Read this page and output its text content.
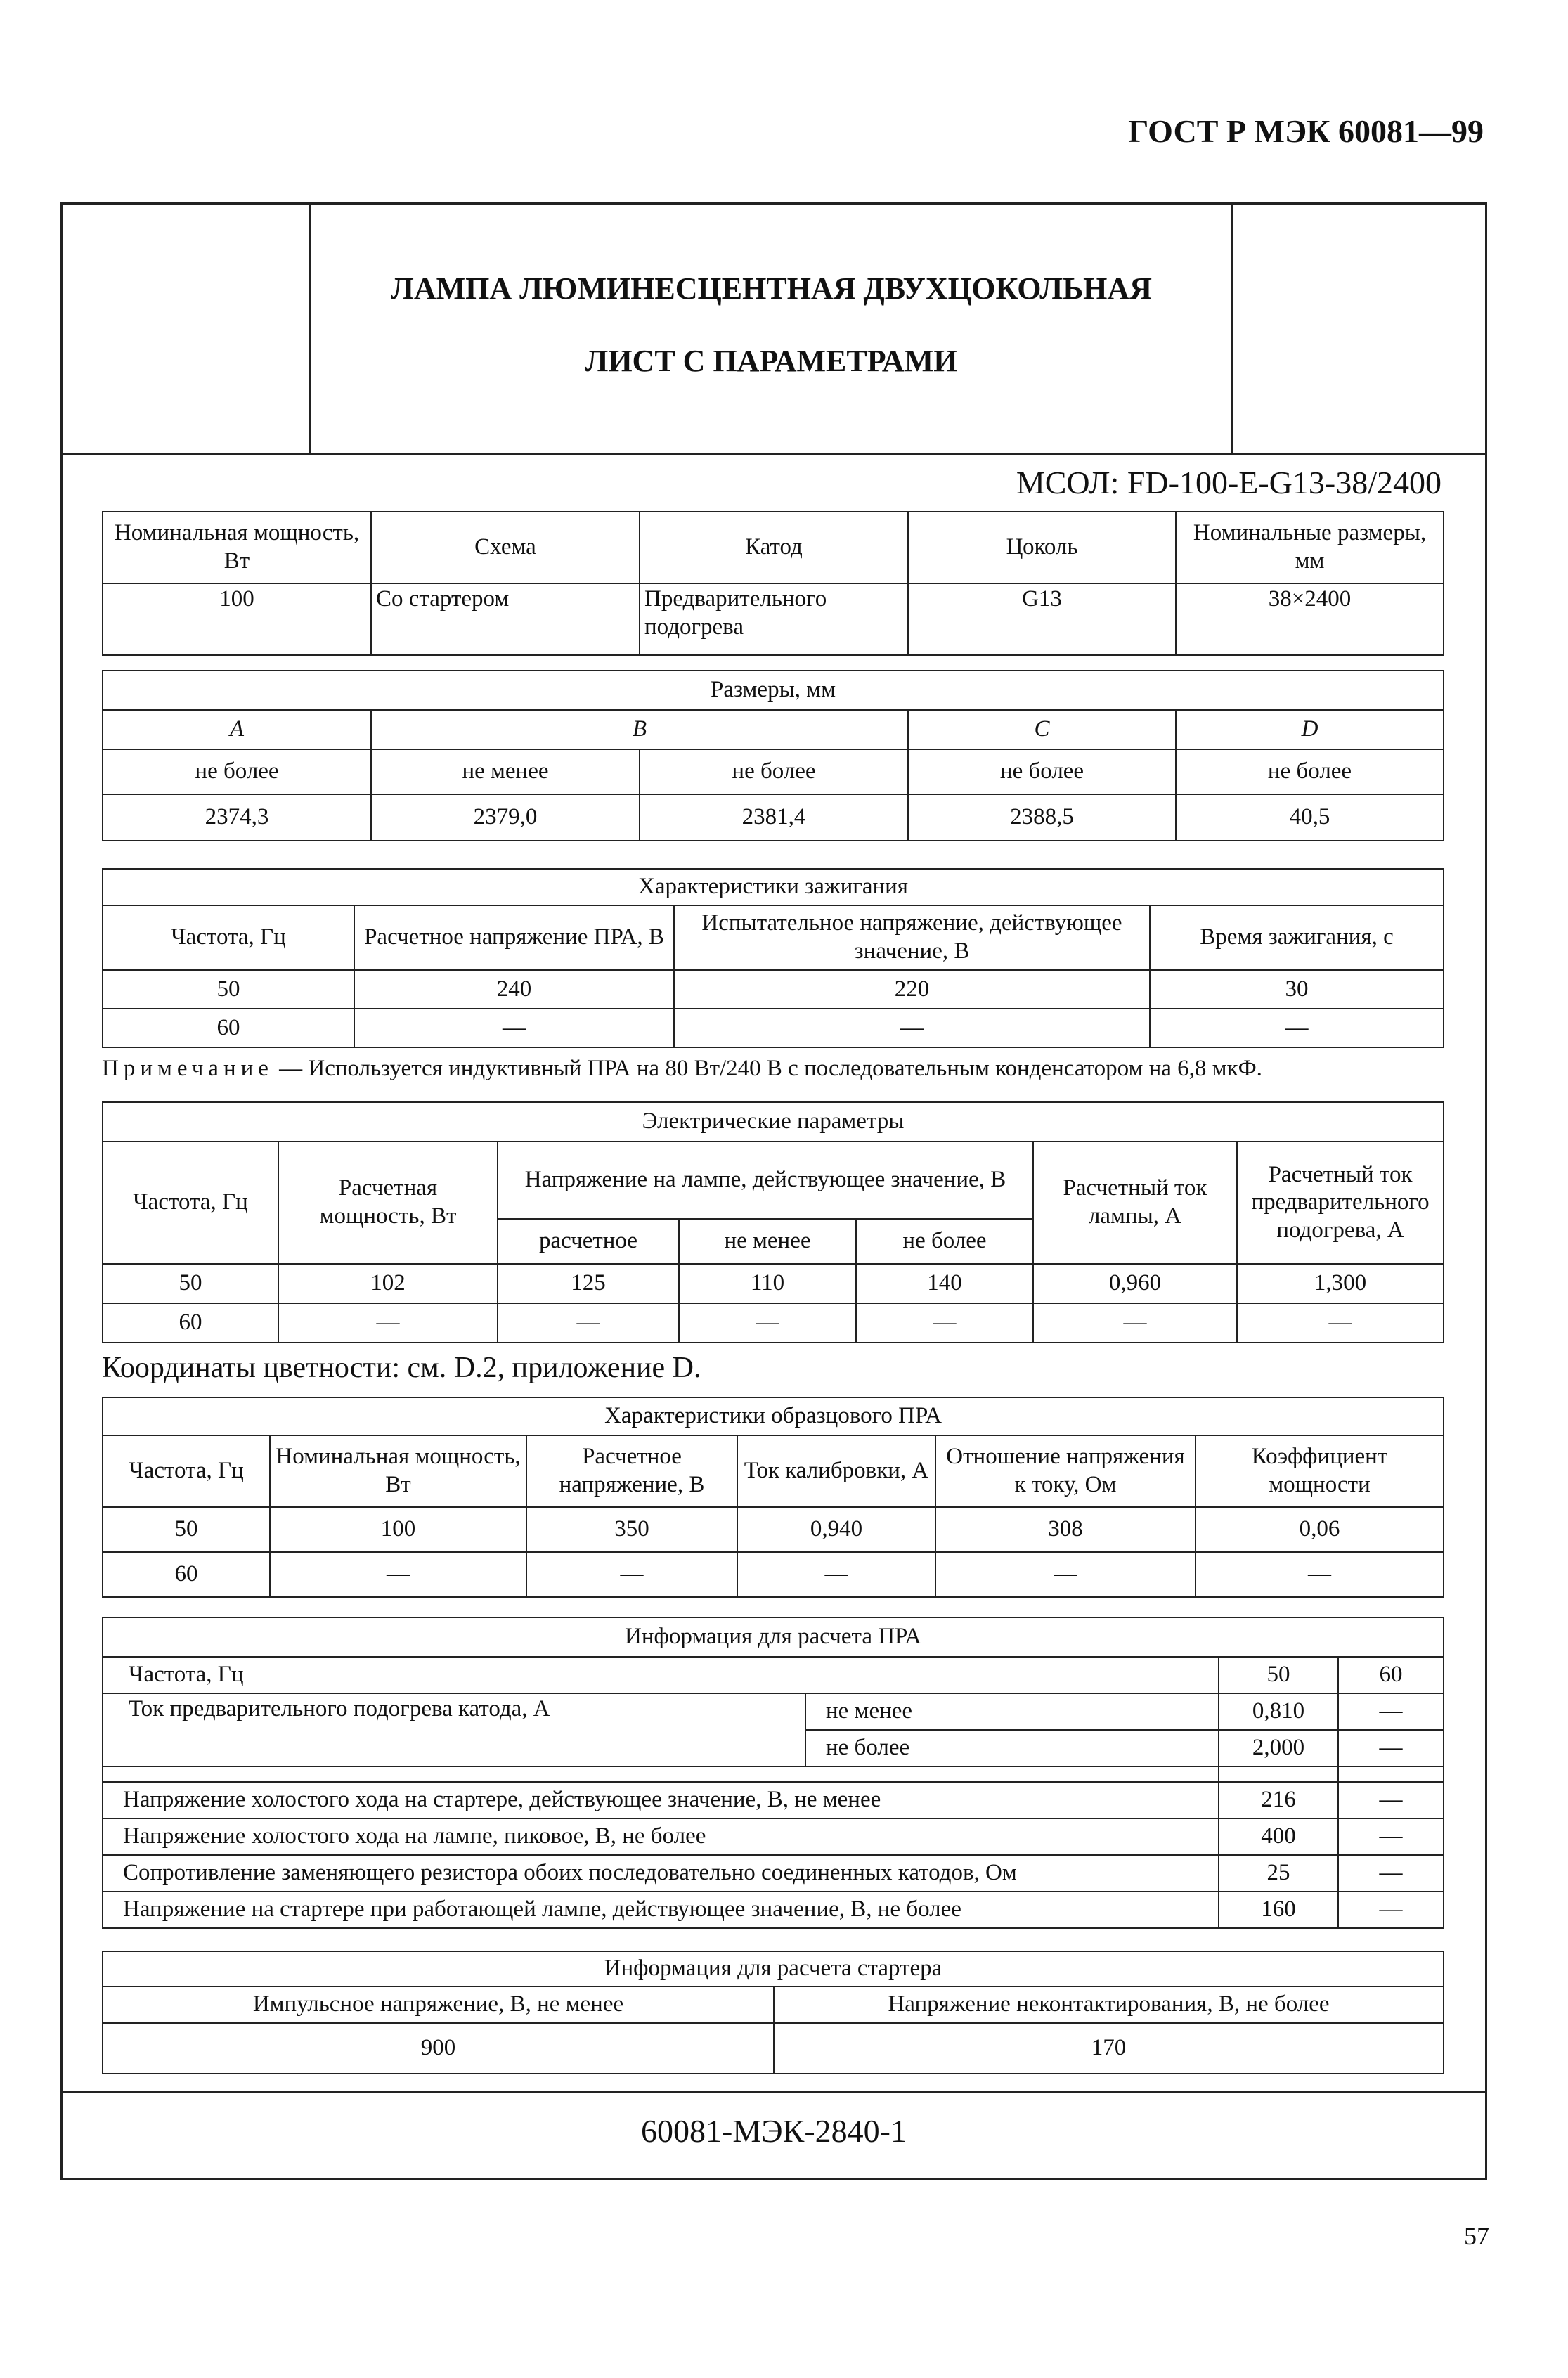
ГОСТ Р МЭК 60081—99
ЛАМПА ЛЮМИНЕСЦЕНТНАЯ ДВУХЦОКОЛЬНАЯ
ЛИСТ С ПАРАМЕТРАМИ
МСОЛ: FD-100-E-G13-38/2400
Номинальная мощность, Вт	Схема	Катод	Цоколь	Номинальные размеры, мм
100	Со стартером	Предварительного подогрева	G13	38×2400
Размеры, мм				
A	B		C	D
не более	не менее	не более	не более	не более
2374,3	2379,0	2381,4	2388,5	40,5
Характеристики зажигания			
Частота, Гц	Расчетное напряжение ПРА, В	Испытательное напряжение, действующее значение, В	Время зажигания, с
50	240	220	30
60	—	—	—
Примечание — Используется индуктивный ПРА на 80 Вт/240 В с последовательным конденсатором на 6,8 мкФ.
Электрические параметры						
Частота, Гц	Расчетная мощность, Вт	Напряжение на лампе, действующее значение, В			Расчетный ток лампы, А	Расчетный ток предварительного подогрева, А
		расчетное	не менее	не более		
50	102	125	110	140	0,960	1,300
60	—	—	—	—	—	—
Координаты цветности: см. D.2, приложение D.
Характеристики образцового ПРА					
Частота, Гц	Номинальная мощность, Вт	Расчетное напряжение, В	Ток калибровки, А	Отношение напряжения к току, Ом	Коэффициент мощности
50	100	350	0,940	308	0,06
60	—	—	—	—	—
Информация для расчета ПРА			
Частота, Гц		50	60
Ток предварительного подогрева катода, А	не менее	0,810	—
	не более	2,000	—

Напряжение холостого хода на стартере, действующее значение, В, не менее		216	—
Напряжение холостого хода на лампе, пиковое, В, не более		400	—
Сопротивление заменяющего резистора обоих последовательно соединенных катодов, Ом		25	—
Напряжение на стартере при работающей лампе, действующее значение, В, не более		160	—
Информация для расчета стартера	
Импульсное напряжение, В, не менее	Напряжение неконтактирования, В, не более
900	170
60081-МЭК-2840-1
57
